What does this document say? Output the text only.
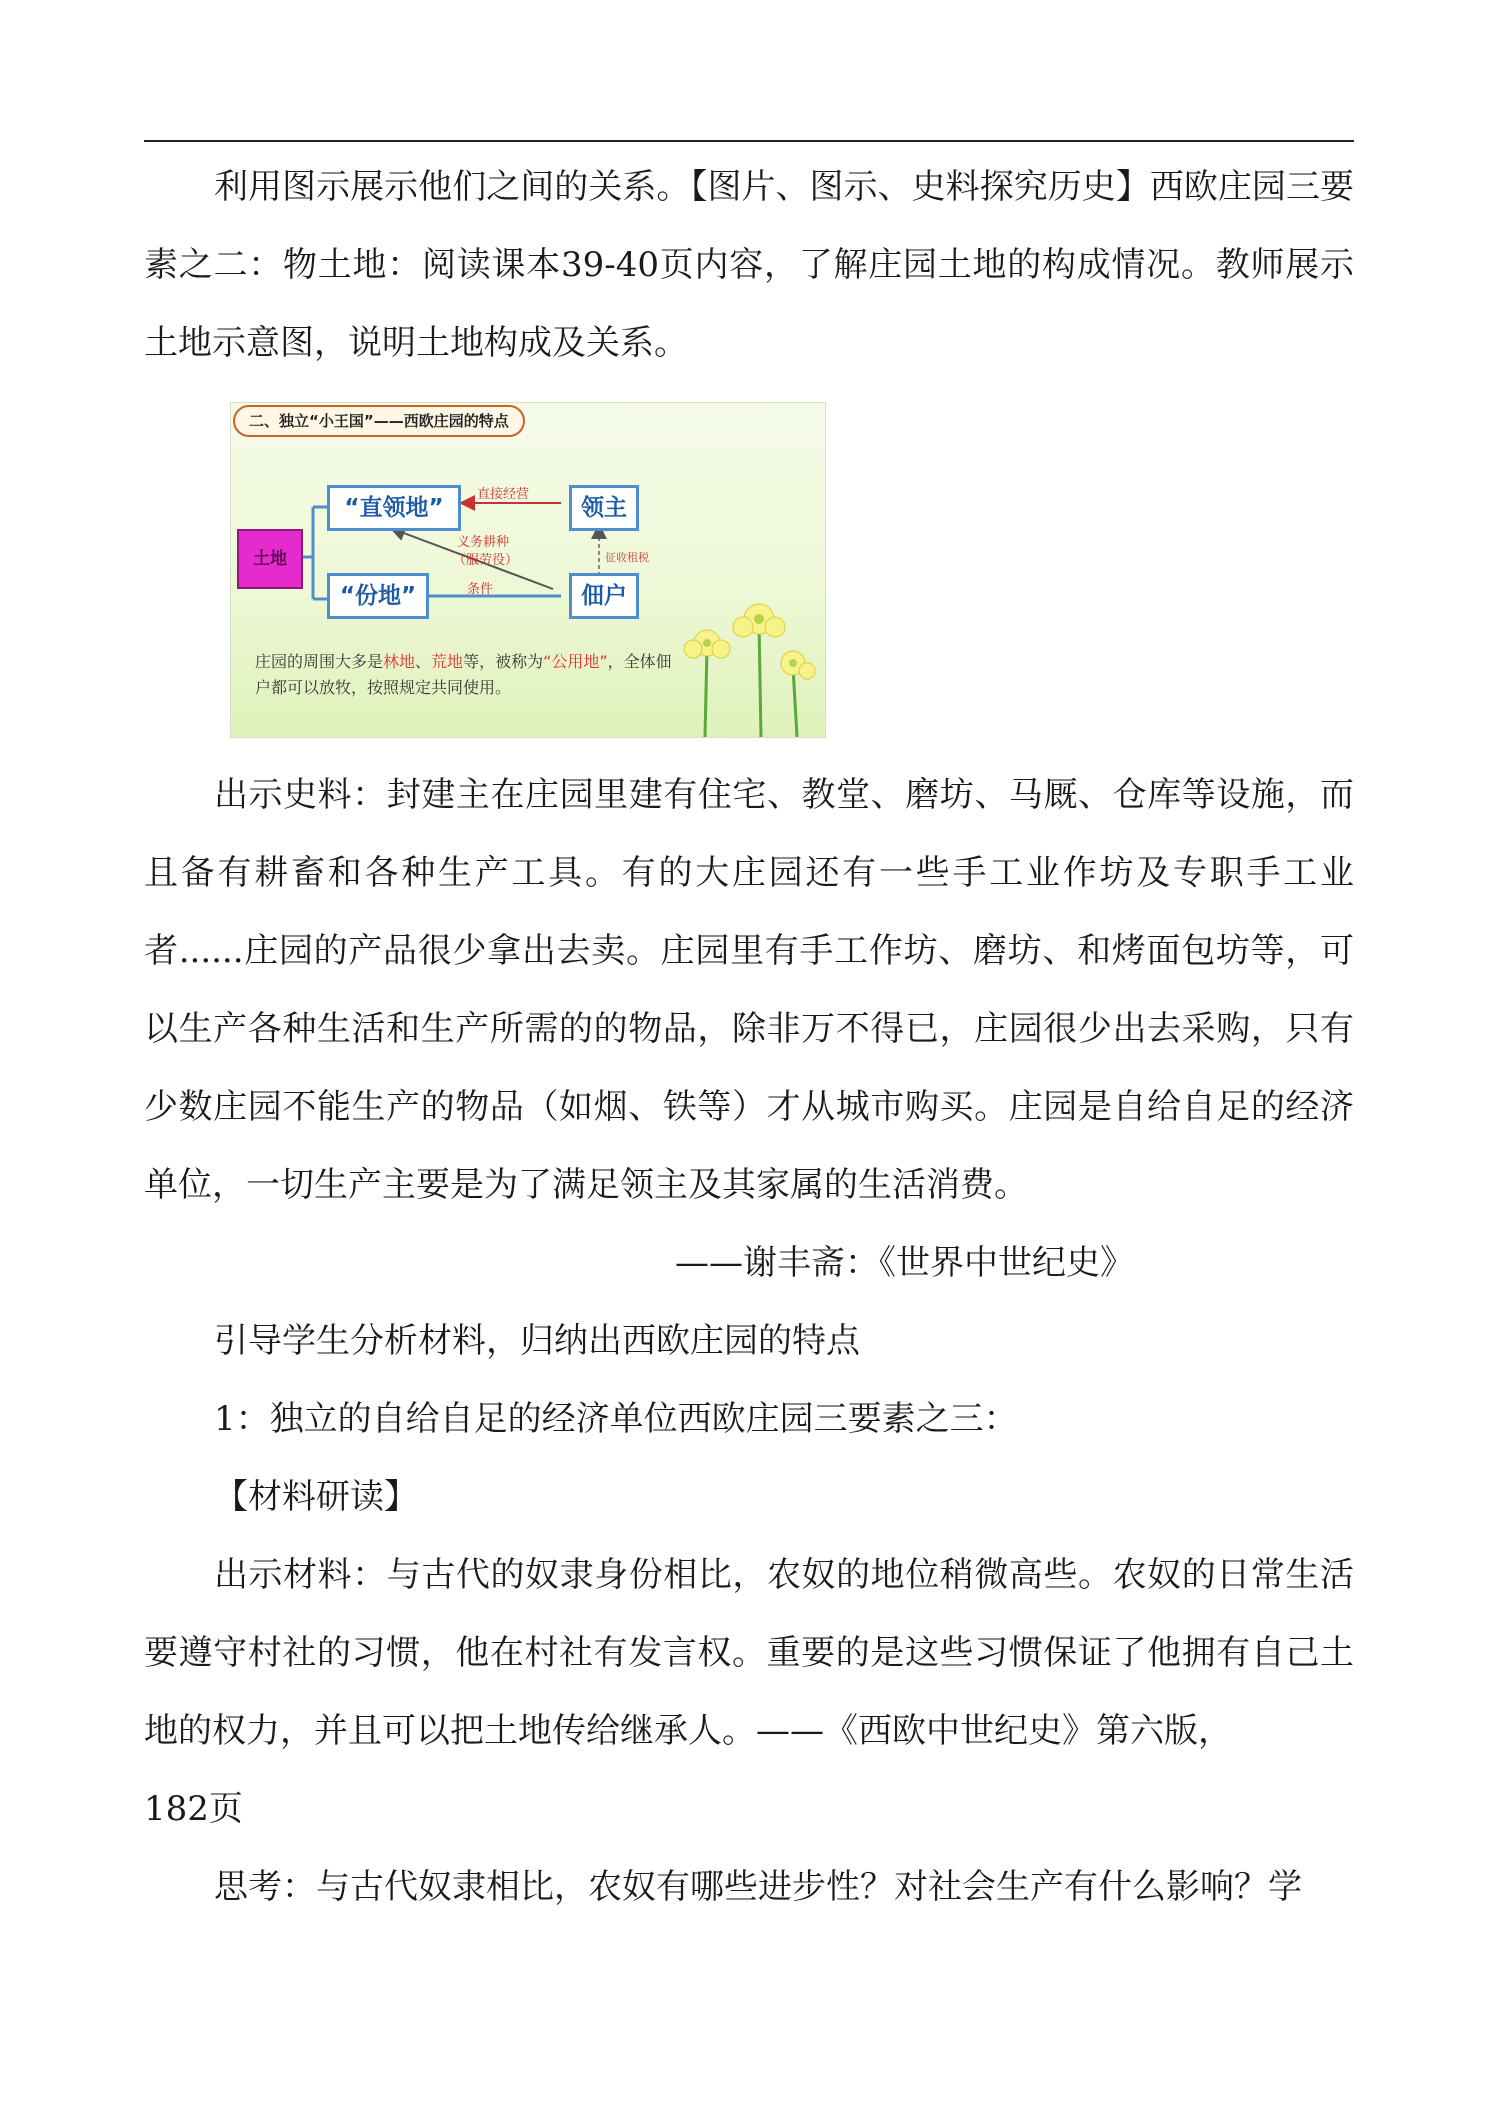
利用图示展示他们之间的关系。【图片、图示、史料探究历史】西欧庄园三要素之二：物土地：阅读课本39-40页内容，了解庄园土地的构成情况。教师展示土地示意图，说明土地构成及关系。

二、独立“小王国”——西欧庄园的特点
土地
“直领地”	领主
“份地”	佃户
直接经营
义务耕种
（服劳役）
条件
征收租税
庄园的周围大多是林地、荒地等，被称为“公用地”，全体佃户都可以放牧，按照规定共同使用。

出示史料：封建主在庄园里建有住宅、教堂、磨坊、马厩、仓库等设施，而且备有耕畜和各种生产工具。有的大庄园还有一些手工业作坊及专职手工业者......庄园的产品很少拿出去卖。庄园里有手工作坊、磨坊、和烤面包坊等，可以生产各种生活和生产所需的的物品，除非万不得已，庄园很少出去采购，只有少数庄园不能生产的物品（如烟、铁等）才从城市购买。庄园是自给自足的经济单位，一切生产主要是为了满足领主及其家属的生活消费。

——谢丰斋：《世界中世纪史》

引导学生分析材料，归纳出西欧庄园的特点

1：独立的自给自足的经济单位西欧庄园三要素之三：

【材料研读】

出示材料：与古代的奴隶身份相比，农奴的地位稍微高些。农奴的日常生活要遵守村社的习惯，他在村社有发言权。重要的是这些习惯保证了他拥有自己土地的权力，并且可以把土地传给继承人。——《西欧中世纪史》第六版，
182页

思考：与古代奴隶相比，农奴有哪些进步性？对社会生产有什么影响？学
